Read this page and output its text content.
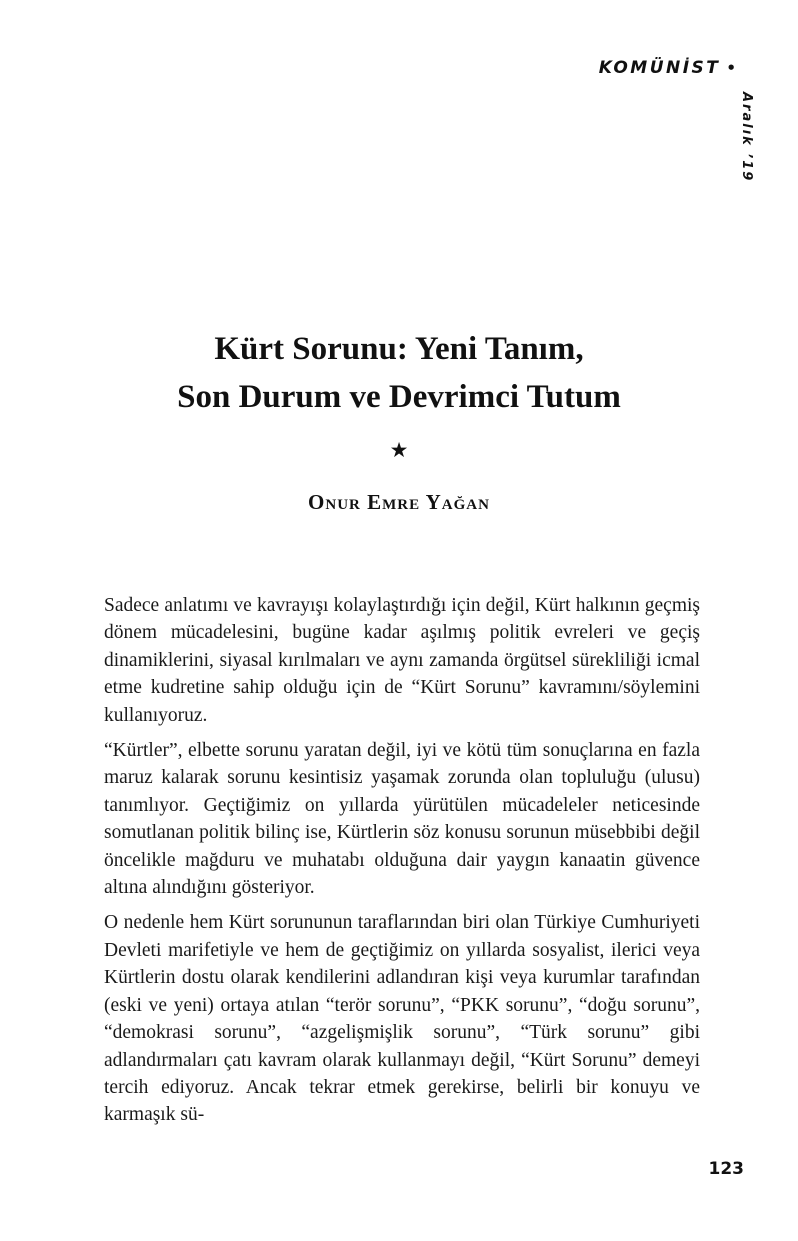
KOMÜNİST •
Aralık ’19
Kürt Sorunu: Yeni Tanım,
Son Durum ve Devrimci Tutum
★
Onur Emre Yağan

Sadece anlatımı ve kavrayışı kolaylaştırdığı için değil, Kürt halkının geçmiş dönem mücadelesini, bugüne kadar aşılmış politik evreleri ve geçiş dinamiklerini, siyasal kırılmaları ve aynı zamanda örgütsel sürekliliği icmal etme kudretine sahip olduğu için de “Kürt Sorunu” kavramını/söylemini kullanıyoruz.

“Kürtler”, elbette sorunu yaratan değil, iyi ve kötü tüm sonuçlarına en fazla maruz kalarak sorunu kesintisiz yaşamak zorunda olan topluluğu (ulusu) tanımlıyor. Geçtiğimiz on yıllarda yürütülen mücadeleler neticesinde somutlanan politik bilinç ise, Kürtlerin söz konusu sorunun müsebbibi değil öncelikle mağduru ve muhatabı olduğuna dair yaygın kanaatin güvence altına alındığını gösteriyor.

O nedenle hem Kürt sorununun taraflarından biri olan Türkiye Cumhuriyeti Devleti marifetiyle ve hem de geçtiğimiz on yıllarda sosyalist, ilerici veya Kürtlerin dostu olarak kendilerini adlandıran kişi veya kurumlar tarafından (eski ve yeni) ortaya atılan “terör sorunu”, “PKK sorunu”, “doğu sorunu”, “demokrasi sorunu”, “azgelişmişlik sorunu”, “Türk sorunu” gibi adlandırmaları çatı kavram olarak kullanmayı değil, “Kürt Sorunu” demeyi tercih ediyoruz. Ancak tekrar etmek gerekirse, belirli bir konuyu ve karmaşık sü-

123
